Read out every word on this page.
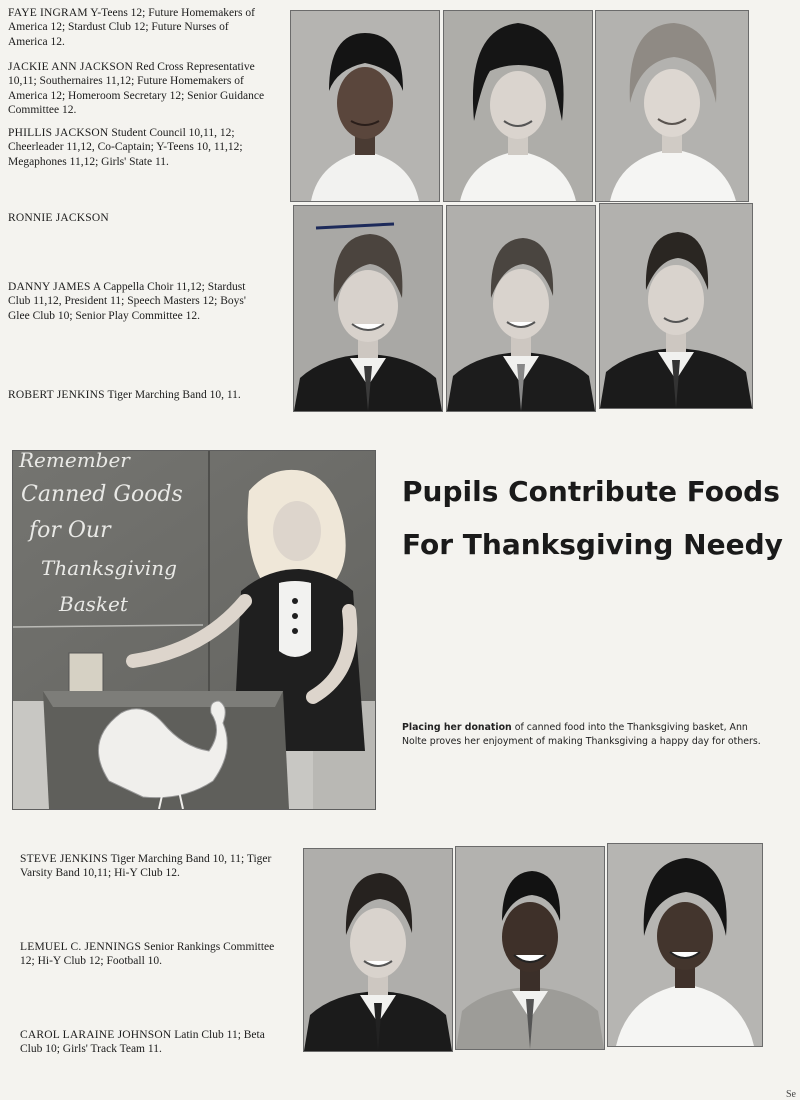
FAYE INGRAM Y-Teens 12; Future Homemakers of America 12; Stardust Club 12; Future Nurses of America 12.
JACKIE ANN JACKSON Red Cross Representative 10,11; Southernaires 11,12; Future Homemakers of America 12; Homeroom Secretary 12; Senior Guidance Committee 12.
PHILLIS JACKSON Student Council 10,11, 12; Cheerleader 11,12, Co-Captain; Y-Teens 10, 11,12; Megaphones 11,12; Girls' State 11.
RONNIE JACKSON
DANNY JAMES A Cappella Choir 11,12; Stardust Club 11,12, President 11; Speech Masters 12; Boys' Glee Club 10; Senior Play Committee 12.
ROBERT JENKINS Tiger Marching Band 10, 11.
Remember
Canned Goods
for Our
Thanksgiving
Basket
Pupils Contribute Foods
For Thanksgiving Needy
Placing her donation of canned food into the Thanksgiving basket, Ann Nolte proves her enjoyment of making Thanksgiving a happy day for others.
STEVE JENKINS Tiger Marching Band 10, 11; Tiger Varsity Band 10,11; Hi-Y Club 12.
LEMUEL C. JENNINGS Senior Rankings Committee 12; Hi-Y Club 12; Football 10.
CAROL LARAINE JOHNSON Latin Club 11; Beta Club 10; Girls' Track Team 11.
Se
